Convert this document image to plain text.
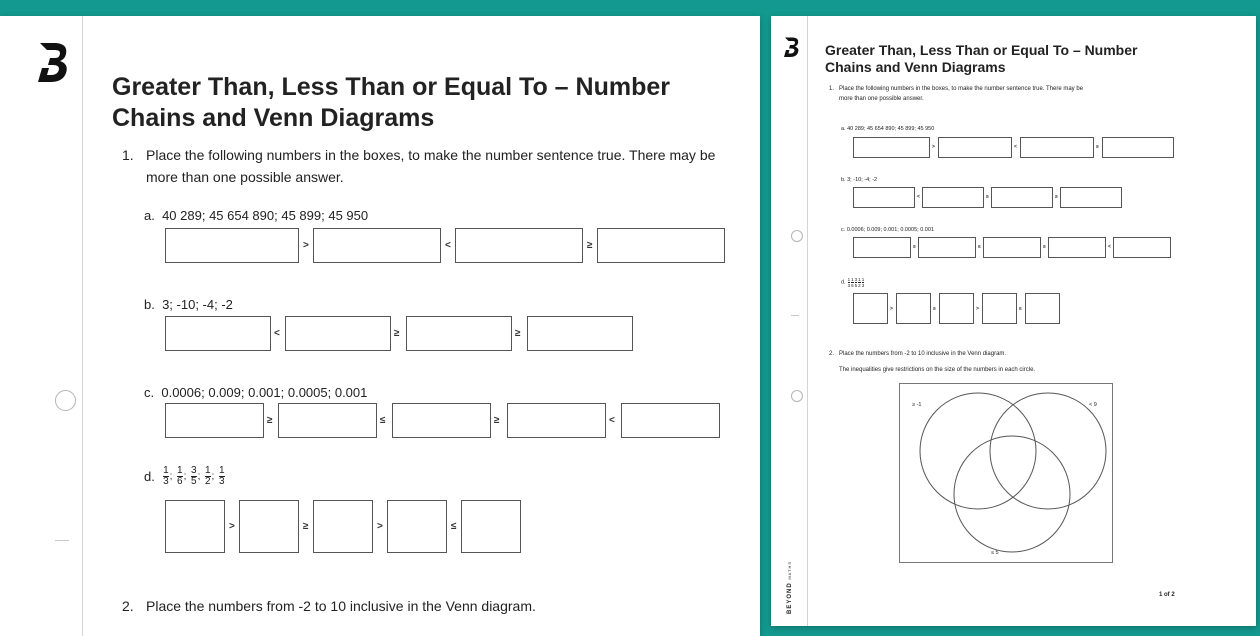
Greater Than, Less Than or Equal To – Number
Chains and Venn Diagrams
1. Place the following numbers in the boxes, to make the number sentence true. There may be
more than one possible answer.
a. 40 289; 45 654 890; 45 899; 45 950
>	<	≥
b. 3; -10; -4; -2
<	≥	≥
c. 0.0006; 0.009; 0.001; 0.0005; 0.001
≥	≤	≥	<
d. $\frac{1}{3}$ ; $\frac{1}{6}$ ; $\frac{3}{5}$ ; $\frac{1}{2}$ ; $\frac{1}{3}$
>	≥	>	≤
2. Place the numbers from -2 to 10 inclusive in the Venn diagram.
Greater Than, Less Than or Equal To – Number
Chains and Venn Diagrams
1. Place the following numbers in the boxes, to make the number sentence true. There may be
more than one possible answer.
a. 40 289; 45 654 890; 45 899; 45 950
>	<	≥
b. 3; -10; -4; -2
<	≥	≥
c. 0.0006; 0.009; 0.001; 0.0005; 0.001
≥	≤	≥	<
d. $\frac{1}{3} \frac{1}{6} \frac{3}{5} \frac{1}{2} \frac{1}{3}$
>	≥	>	≤
2. Place the numbers from -2 to 10 inclusive in the Venn diagram.
The inequalities give restrictions on the size of the numbers in each circle.
≥ -1	< 9
≤ 5
BEYOND MATHS
1 of 2
